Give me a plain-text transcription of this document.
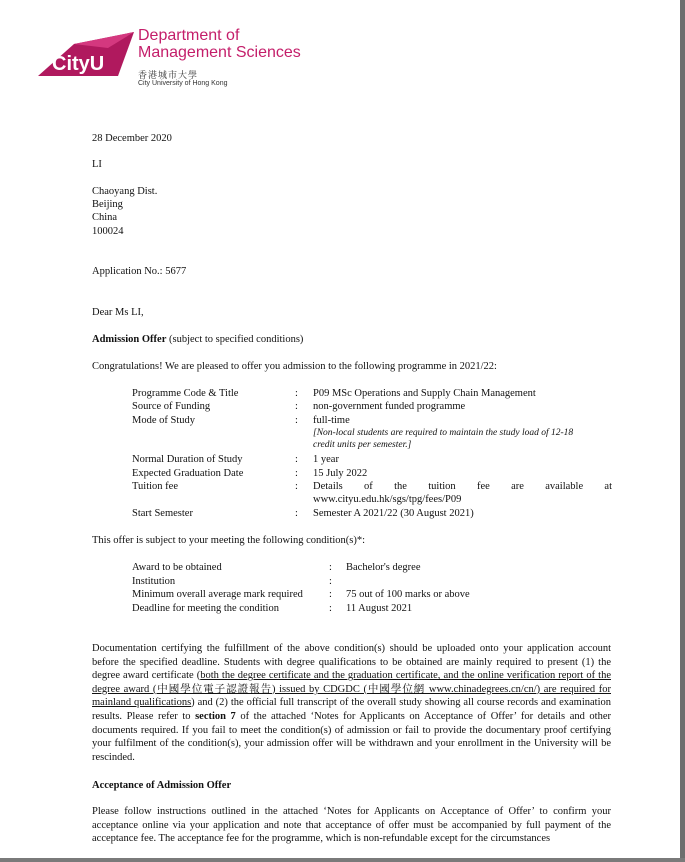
CityU
Department of
Management Sciences
香港城市大學
City University of Hong Kong
28 December 2020
LI
Chaoyang Dist.
Beijing
China
100024
Application No.: 5677
Dear Ms LI,
Admission Offer (subject to specified conditions)
Congratulations! We are pleased to offer you admission to the following programme in 2021/22:
Programme Code & Title	: P09 MSc Operations and Supply Chain Management
Source of Funding	: non-government funded programme
Mode of Study	: full-time
[Non-local students are required to maintain the study load of 12-18
credit units per semester.]
Normal Duration of Study	: 1 year
Expected Graduation Date	: 15 July 2022
Tuition fee	: Details of the tuition fee are available at
www.cityu.edu.hk/sgs/tpg/fees/P09
Start Semester	: Semester A 2021/22 (30 August 2021)
This offer is subject to your meeting the following condition(s)*:
Award to be obtained	: Bachelor's degree
Institution	:
Minimum overall average mark required : 75 out of 100 marks or above
Deadline for meeting the condition	: 11 August 2021
Documentation certifying the fulfillment of the above condition(s) should be uploaded onto your application account before the specified deadline. Students with degree qualifications to be obtained are mainly required to present (1) the degree award certificate (both the degree certificate and the graduation certificate, and the online verification report of the degree award (中國學位電子認證報告) issued by CDGDC (中國學位網 www.chinadegrees.cn/cn/) are required for mainland qualifications) and (2) the official full transcript of the overall study showing all course records and examination results. Please refer to section 7 of the attached ‘Notes for Applicants on Acceptance of Offer’ for details and other documents required. If you fail to meet the condition(s) of admission or fail to provide the documentary proof certifying your fulfilment of the condition(s), your admission offer will be withdrawn and your enrollment in the University will be rescinded.
Acceptance of Admission Offer
Please follow instructions outlined in the attached ‘Notes for Applicants on Acceptance of Offer’ to confirm your acceptance online via your application and note that acceptance of offer must be accompanied by full payment of the acceptance fee. The acceptance fee for the programme, which is non-refundable except for the circumstances
